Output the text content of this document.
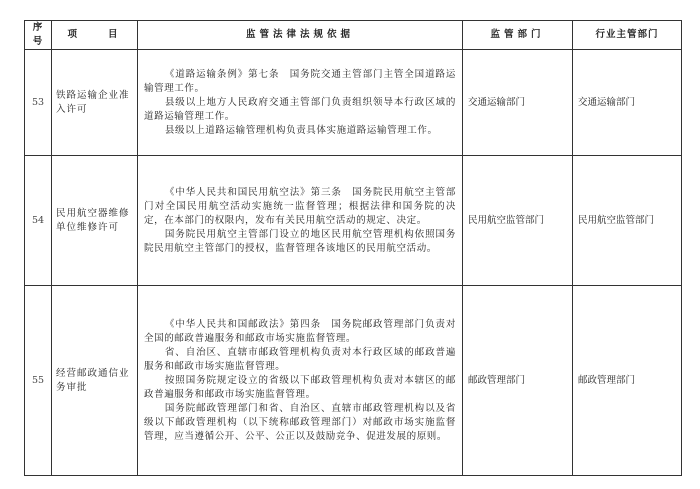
序号	项　　目	监管法律法规依据	监管部门	行业主管部门
53	铁路运输企业准入许可	《道路运输条例》第七条　国务院交通主管部门主管全国道路运输管理工作。

县级以上地方人民政府交通主管部门负责组织领导本行政区域的道路运输管理工作。

县级以上道路运输管理机构负责具体实施道路运输管理工作。	交通运输部门	交通运输部门
54	民用航空器维修单位维修许可	《中华人民共和国民用航空法》第三条　国务院民用航空主管部门对全国民用航空活动实施统一监督管理；根据法律和国务院的决定，在本部门的权限内，发布有关民用航空活动的规定、决定。

国务院民用航空主管部门设立的地区民用航空管理机构依照国务院民用航空主管部门的授权，监督管理各该地区的民用航空活动。	民用航空监管部门	民用航空监管部门
55	经营邮政通信业务审批	《中华人民共和国邮政法》第四条　国务院邮政管理部门负责对全国的邮政普遍服务和邮政市场实施监督管理。

省、自治区、直辖市邮政管理机构负责对本行政区域的邮政普遍服务和邮政市场实施监督管理。

按照国务院规定设立的省级以下邮政管理机构负责对本辖区的邮政普遍服务和邮政市场实施监督管理。

国务院邮政管理部门和省、自治区、直辖市邮政管理机构以及省级以下邮政管理机构（以下统称邮政管理部门）对邮政市场实施监督管理，应当遵循公开、公平、公正以及鼓励竞争、促进发展的原则。	邮政管理部门	邮政管理部门
